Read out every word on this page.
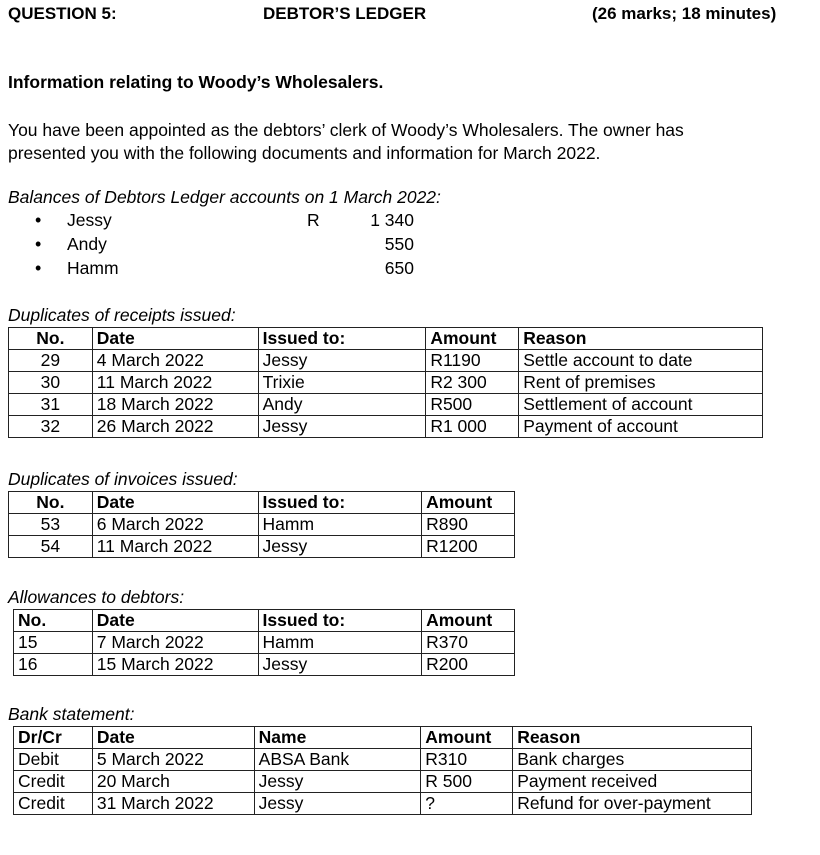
QUESTION 5:	DEBTOR’S LEDGER	(26 marks; 18 minutes)
Information relating to Woody’s Wholesalers.
You have been appointed as the debtors’ clerk of Woody’s Wholesalers. The owner has
presented you with the following documents and information for March 2022.
Balances of Debtors Ledger accounts on 1 March 2022:
• Jessy	R	1 340
• Andy	550
• Hamm	650
Duplicates of receipts issued:
No.	Date	Issued to:	Amount	Reason
29	4 March 2022	Jessy	R1190	Settle account to date
30	11 March 2022	Trixie	R2 300	Rent of premises
31	18 March 2022	Andy	R500	Settlement of account
32	26 March 2022	Jessy	R1 000	Payment of account
Duplicates of invoices issued:
No.	Date	Issued to:	Amount
53	6 March 2022	Hamm	R890
54	11 March 2022	Jessy	R1200
Allowances to debtors:
No.	Date	Issued to:	Amount
15	7 March 2022	Hamm	R370
16	15 March 2022	Jessy	R200
Bank statement:
Dr/Cr	Date	Name	Amount	Reason
Debit	5 March 2022	ABSA Bank	R310	Bank charges
Credit	20 March	Jessy	R 500	Payment received
Credit	31 March 2022	Jessy	?	Refund for over-payment
